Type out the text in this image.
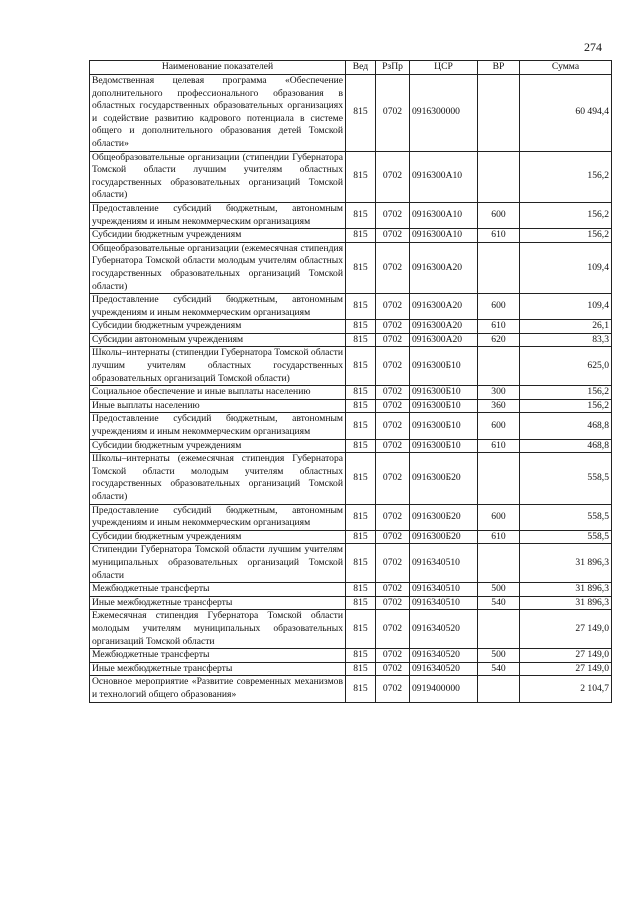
274
Наименование показателей	Вед	РзПр	ЦСР	ВР	Сумма
Ведомственная целевая программа «Обеспечение дополнительного профессионального образования в областных государственных образовательных организациях и содействие развитию кадрового потенциала в системе общего и дополнительного образования детей Томской области»	815	0702	0916300000		60 494,4
Общеобразовательные организации (стипендии Губернатора Томской области лучшим учителям областных государственных образовательных организаций Томской области)	815	0702	0916300А10		156,2
Предоставление субсидий бюджетным, автономным учреждениям и иным некоммерческим организациям	815	0702	0916300А10	600	156,2
Субсидии бюджетным учреждениям	815	0702	0916300А10	610	156,2
Общеобразовательные организации (ежемесячная стипендия Губернатора Томской области молодым учителям областных государственных образовательных организаций Томской области)	815	0702	0916300А20		109,4
Предоставление субсидий бюджетным, автономным учреждениям и иным некоммерческим организациям	815	0702	0916300А20	600	109,4
Субсидии бюджетным учреждениям	815	0702	0916300А20	610	26,1
Субсидии автономным учреждениям	815	0702	0916300А20	620	83,3
Школы–интернаты (стипендии Губернатора Томской области лучшим учителям областных государственных образовательных организаций Томской области)	815	0702	0916300Б10		625,0
Социальное обеспечение и иные выплаты населению	815	0702	0916300Б10	300	156,2
Иные выплаты населению	815	0702	0916300Б10	360	156,2
Предоставление субсидий бюджетным, автономным учреждениям и иным некоммерческим организациям	815	0702	0916300Б10	600	468,8
Субсидии бюджетным учреждениям	815	0702	0916300Б10	610	468,8
Школы–интернаты (ежемесячная стипендия Губернатора Томской области молодым учителям областных государственных образовательных организаций Томской области)	815	0702	0916300Б20		558,5
Предоставление субсидий бюджетным, автономным учреждениям и иным некоммерческим организациям	815	0702	0916300Б20	600	558,5
Субсидии бюджетным учреждениям	815	0702	0916300Б20	610	558,5
Стипендии Губернатора Томской области лучшим учителям муниципальных образовательных организаций Томской области	815	0702	0916340510		31 896,3
Межбюджетные трансферты	815	0702	0916340510	500	31 896,3
Иные межбюджетные трансферты	815	0702	0916340510	540	31 896,3
Ежемесячная стипендия Губернатора Томской области молодым учителям муниципальных образовательных организаций Томской области	815	0702	0916340520		27 149,0
Межбюджетные трансферты	815	0702	0916340520	500	27 149,0
Иные межбюджетные трансферты	815	0702	0916340520	540	27 149,0
Основное мероприятие «Развитие современных механизмов и технологий общего образования»	815	0702	0919400000		2 104,7
